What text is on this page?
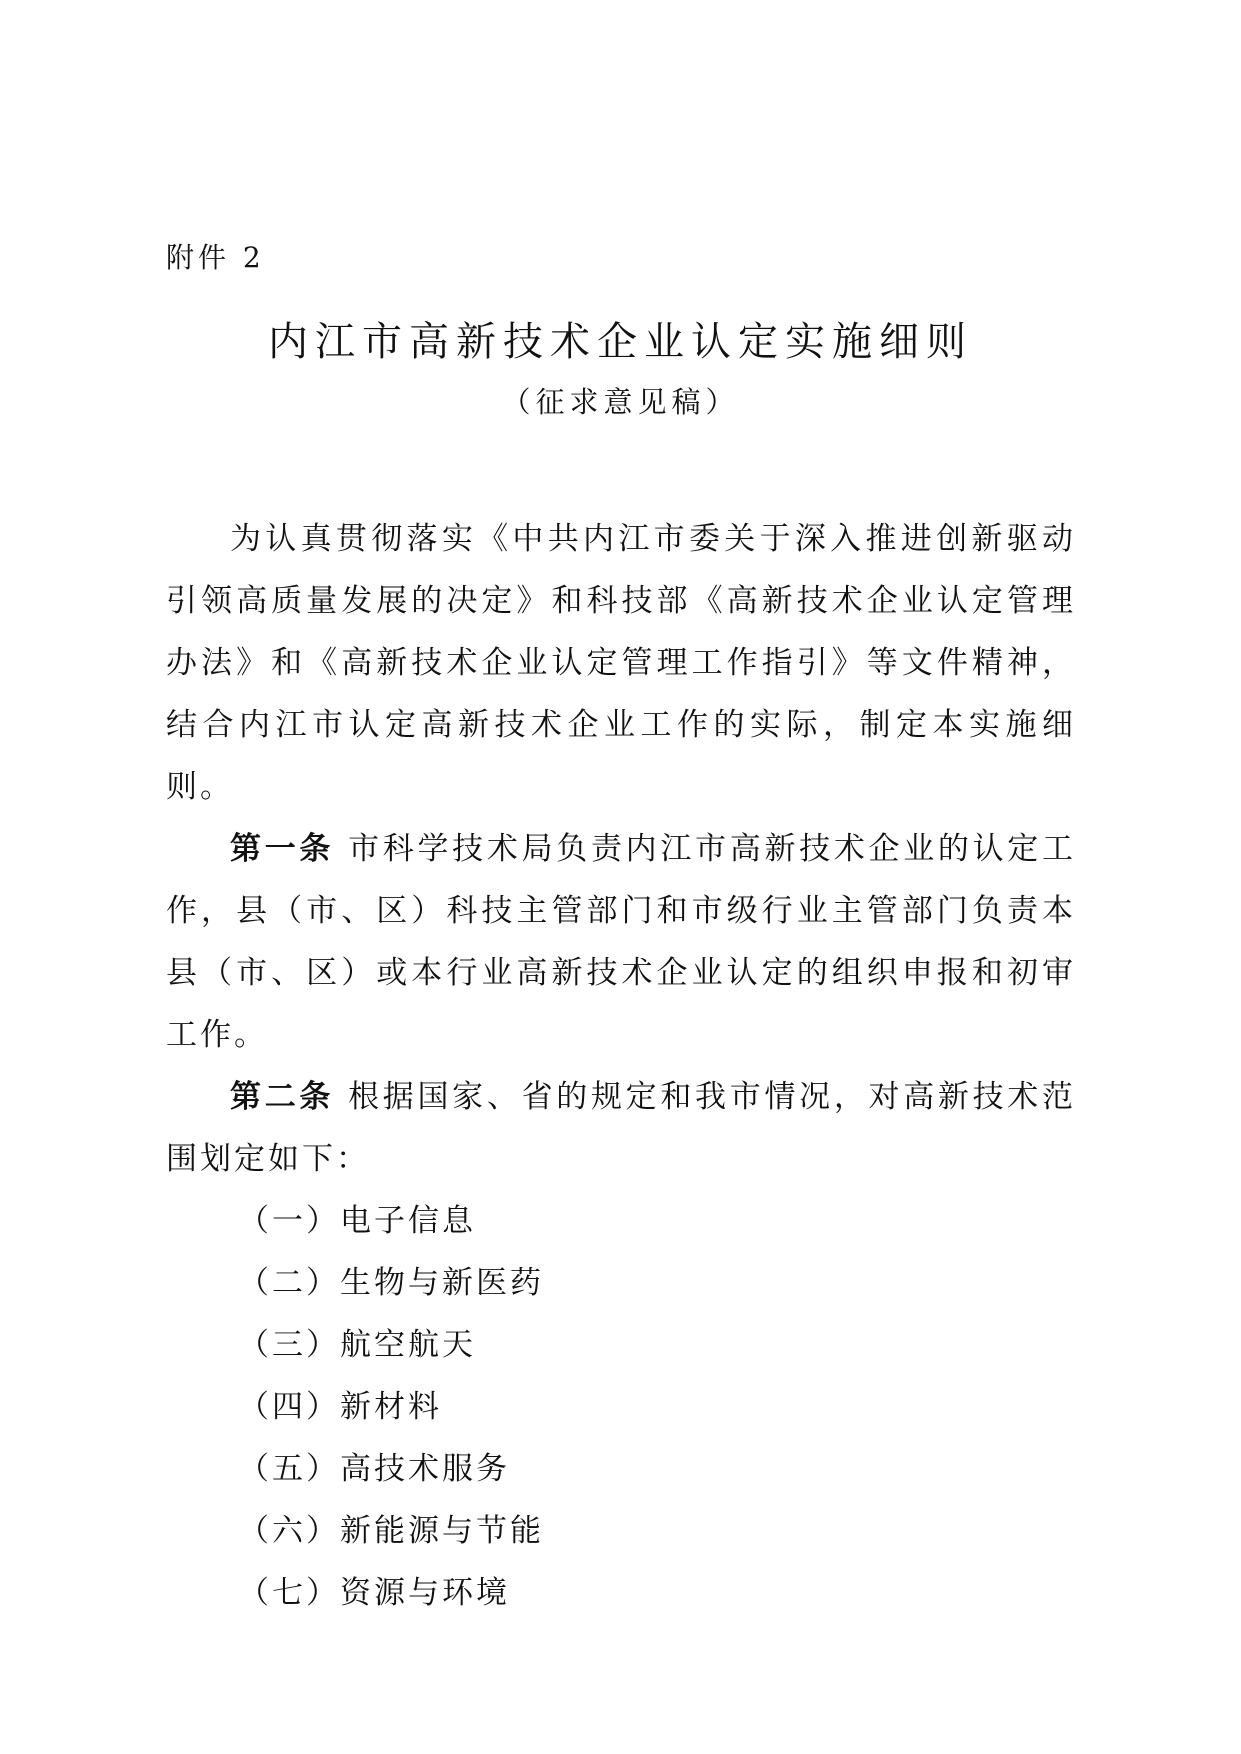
附件 2
内江市高新技术企业认定实施细则
（征求意见稿）

为认真贯彻落实《中共内江市委关于深入推进创新驱动引领高质量发展的决定》和科技部《高新技术企业认定管理办法》和《高新技术企业认定管理工作指引》等文件精神，结合内江市认定高新技术企业工作的实际，制定本实施细则。

第一条 市科学技术局负责内江市高新技术企业的认定工作，县（市、区）科技主管部门和市级行业主管部门负责本县（市、区）或本行业高新技术企业认定的组织申报和初审工作。

第二条 根据国家、省的规定和我市情况，对高新技术范围划定如下：

（一）电子信息
（二）生物与新医药
（三）航空航天
（四）新材料
（五）高技术服务
（六）新能源与节能
（七）资源与环境
